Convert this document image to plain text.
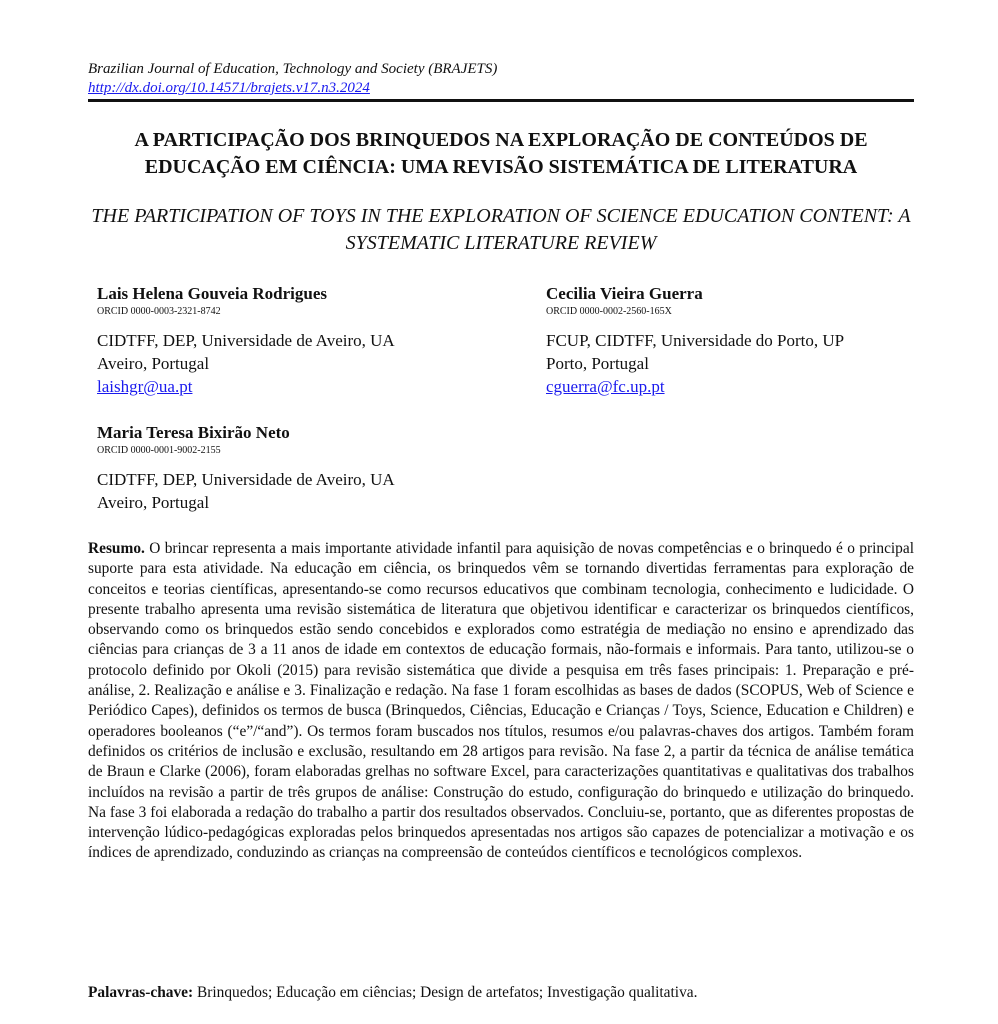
Brazilian Journal of Education, Technology and Society (BRAJETS)
http://dx.doi.org/10.14571/brajets.v17.n3.2024
A PARTICIPAÇÃO DOS BRINQUEDOS NA EXPLORAÇÃO DE CONTEÚDOS DE EDUCAÇÃO EM CIÊNCIA: UMA REVISÃO SISTEMÁTICA DE LITERATURA
THE PARTICIPATION OF TOYS IN THE EXPLORATION OF SCIENCE EDUCATION CONTENT: A SYSTEMATIC LITERATURE REVIEW
Lais Helena Gouveia Rodrigues
ORCID 0000-0003-2321-8742
CIDTFF, DEP, Universidade de Aveiro, UA
Aveiro, Portugal
laishgr@ua.pt
Cecilia Vieira Guerra
ORCID 0000-0002-2560-165X
FCUP, CIDTFF, Universidade do Porto, UP
Porto, Portugal
cguerra@fc.up.pt
Maria Teresa Bixirão Neto
ORCID 0000-0001-9002-2155
CIDTFF, DEP, Universidade de Aveiro, UA
Aveiro, Portugal
Resumo. O brincar representa a mais importante atividade infantil para aquisição de novas competências e o brinquedo é o principal suporte para esta atividade. Na educação em ciência, os brinquedos vêm se tornando divertidas ferramentas para exploração de conceitos e teorias científicas, apresentando-se como recursos educativos que combinam tecnologia, conhecimento e ludicidade. O presente trabalho apresenta uma revisão sistemática de literatura que objetivou identificar e caracterizar os brinquedos científicos, observando como os brinquedos estão sendo concebidos e explorados como estratégia de mediação no ensino e aprendizado das ciências para crianças de 3 a 11 anos de idade em contextos de educação formais, não-formais e informais. Para tanto, utilizou-se o protocolo definido por Okoli (2015) para revisão sistemática que divide a pesquisa em três fases principais: 1. Preparação e pré-análise, 2. Realização e análise e 3. Finalização e redação. Na fase 1 foram escolhidas as bases de dados (SCOPUS, Web of Science e Periódico Capes), definidos os termos de busca (Brinquedos, Ciências, Educação e Crianças / Toys, Science, Education e Children) e operadores booleanos (“e”/“and”). Os termos foram buscados nos títulos, resumos e/ou palavras-chaves dos artigos. Também foram definidos os critérios de inclusão e exclusão, resultando em 28 artigos para revisão. Na fase 2, a partir da técnica de análise temática de Braun e Clarke (2006), foram elaboradas grelhas no software Excel, para caracterizações quantitativas e qualitativas dos trabalhos incluídos na revisão a partir de três grupos de análise: Construção do estudo, configuração do brinquedo e utilização do brinquedo. Na fase 3 foi elaborada a redação do trabalho a partir dos resultados observados. Concluiu-se, portanto, que as diferentes propostas de intervenção lúdico-pedagógicas exploradas pelos brinquedos apresentadas nos artigos são capazes de potencializar a motivação e os índices de aprendizado, conduzindo as crianças na compreensão de conteúdos científicos e tecnológicos complexos.
Palavras-chave: Brinquedos; Educação em ciências; Design de artefatos; Investigação qualitativa.
